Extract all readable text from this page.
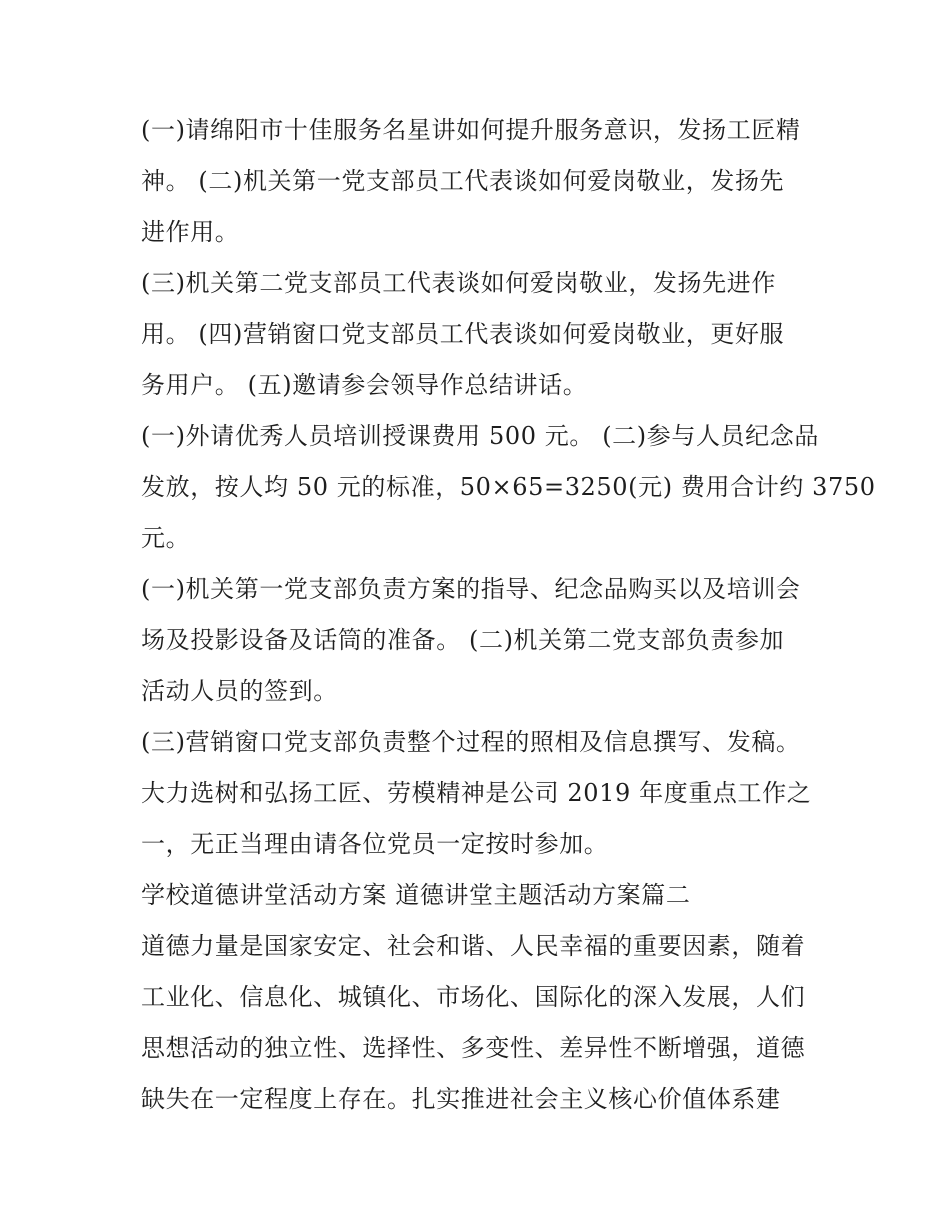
(一)请绵阳市十佳服务名星讲如何提升服务意识，发扬工匠精
神。 (二)机关第一党支部员工代表谈如何爱岗敬业，发扬先
进作用。

(三)机关第二党支部员工代表谈如何爱岗敬业，发扬先进作
用。 (四)营销窗口党支部员工代表谈如何爱岗敬业，更好服
务用户。 (五)邀请参会领导作总结讲话。

(一)外请优秀人员培训授课费用 500 元。 (二)参与人员纪念品
发放，按人均 50 元的标准，50×65=3250(元) 费用合计约 3750
元。

(一)机关第一党支部负责方案的指导、纪念品购买以及培训会
场及投影设备及话筒的准备。 (二)机关第二党支部负责参加
活动人员的签到。

(三)营销窗口党支部负责整个过程的照相及信息撰写、发稿。

大力选树和弘扬工匠、劳模精神是公司 2019 年度重点工作之
一，无正当理由请各位党员一定按时参加。

学校道德讲堂活动方案 道德讲堂主题活动方案篇二

道德力量是国家安定、社会和谐、人民幸福的重要因素，随着
工业化、信息化、城镇化、市场化、国际化的深入发展，人们
思想活动的独立性、选择性、多变性、差异性不断增强，道德
缺失在一定程度上存在。扎实推进社会主义核心价值体系建
